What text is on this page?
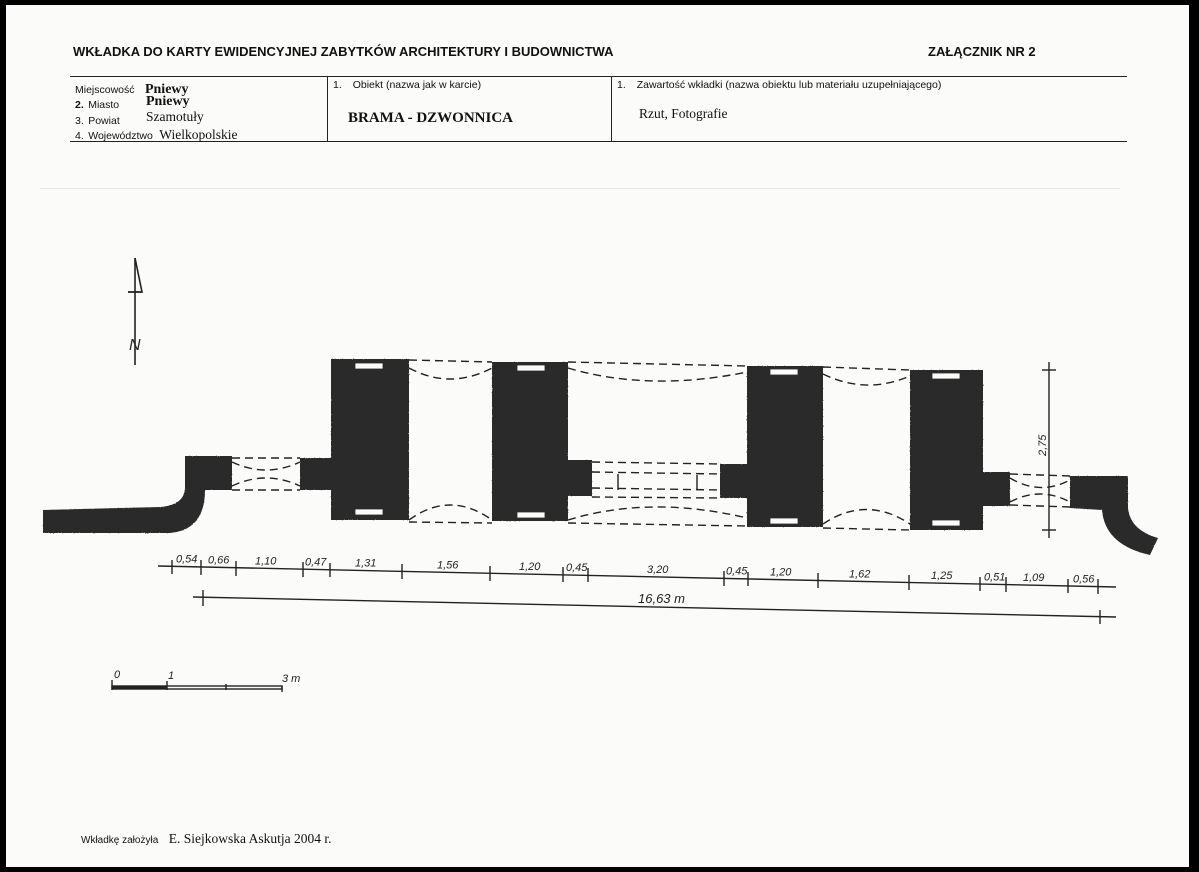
WKŁADKA DO KARTY EWIDENCYJNEJ ZABYTKÓW ARCHITEKTURY I BUDOWNICTWA	ZAŁĄCZNIK NR 2
Miejscowość Pniewy
2. Miasto Pniewy
3. Powiat Szamotuły
4. Województwo Wielkopolskie
1. Obiekt (nazwa jak w karcie)
BRAMA - DZWONNICA
1. Zawartość wkładki (nazwa obiektu lub materiału uzupełniającego)
Rzut, Fotografie
N
2,75
0,54 0,66 1,10	0,47	1,31	1,56	1,20 0,45	3,20	0,45 1,20	1,62	1,25	0,51 1,09	0,56
16,63 m
0	1	3 m
Wkładkę założyła E. Siejkowska Askutja 2004 r.
